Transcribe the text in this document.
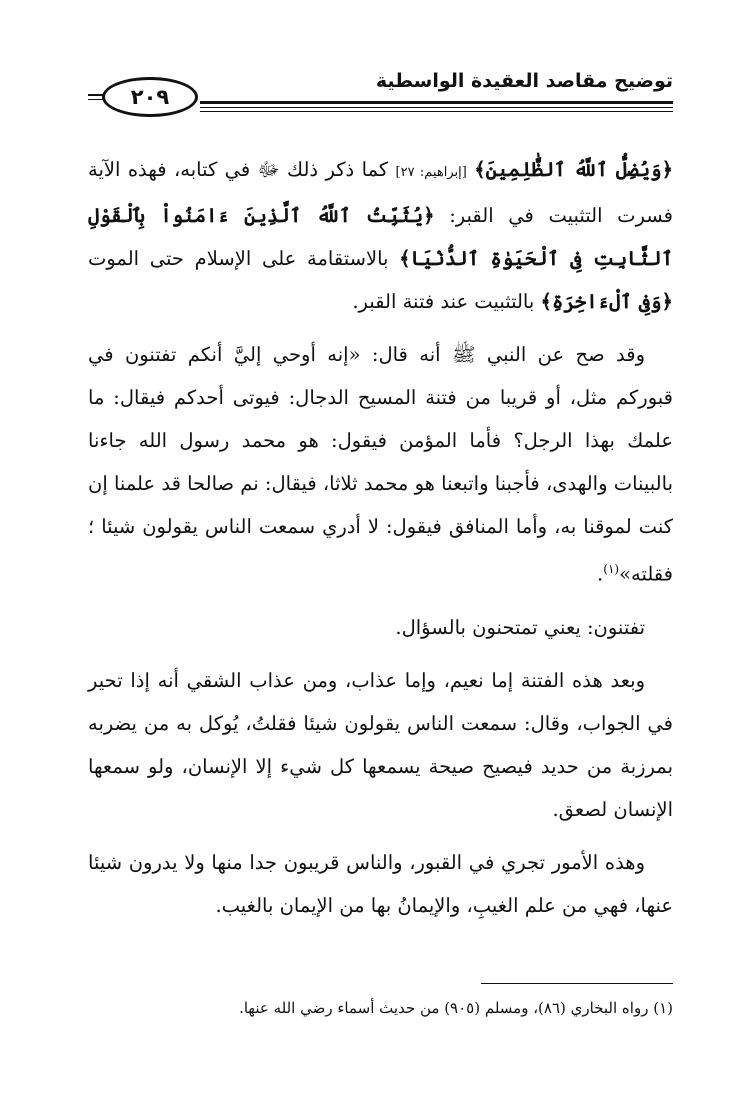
توضيح مقاصد العقيدة الواسطية
٢٠٩

﴿وَيُضِلُّ ٱللَّهُ ٱلظَّٰلِمِينَ﴾ [إبراهيم: ٢٧] كما ذكر ذلك ﷻ في كتابه، فهذه الآية فسرت التثبيت في القبر: ﴿يُثَبِّتُ ٱللَّهُ ٱلَّذِينَ ءَامَنُواْ بِٱلْقَوْلِ ٱلثَّابِتِ فِى ٱلْحَيَوٰةِ ٱلدُّنْيَا﴾ بالاستقامة على الإسلام حتى الموت ﴿وَفِى ٱلْءَاخِرَةِ﴾ بالتثبيت عند فتنة القبر.

وقد صح عن النبي ﷺ أنه قال: «إنه أوحي إليَّ أنكم تفتنون في قبوركم مثل، أو قريبا من فتنة المسيح الدجال: فيوتى أحدكم فيقال: ما علمك بهذا الرجل؟ فأما المؤمن فيقول: هو محمد رسول الله جاءنا بالبينات والهدى، فأجبنا واتبعنا هو محمد ثلاثا، فيقال: نم صالحا قد علمنا إن كنت لموقنا به، وأما المنافق فيقول: لا أدري سمعت الناس يقولون شيئا ؛ فقلته»$^{(١)}$.

تفتنون: يعني تمتحنون بالسؤال.

وبعد هذه الفتنة إما نعيم، وإما عذاب، ومن عذاب الشقي أنه إذا تحير في الجواب، وقال: سمعت الناس يقولون شيئا فقلتُ، يُوكل به من يضربه بمرزبة من حديد فيصيح صيحة يسمعها كل شيء إلا الإنسان، ولو سمعها الإنسان لصعق.

وهذه الأمور تجري في القبور، والناس قريبون جدا منها ولا يدرون شيئا عنها، فهي من علم الغيبِ، والإيمانُ بها من الإيمان بالغيب.

(١) رواه البخاري (٨٦)، ومسلم (٩٠٥) من حديث أسماء رضي الله عنها.
